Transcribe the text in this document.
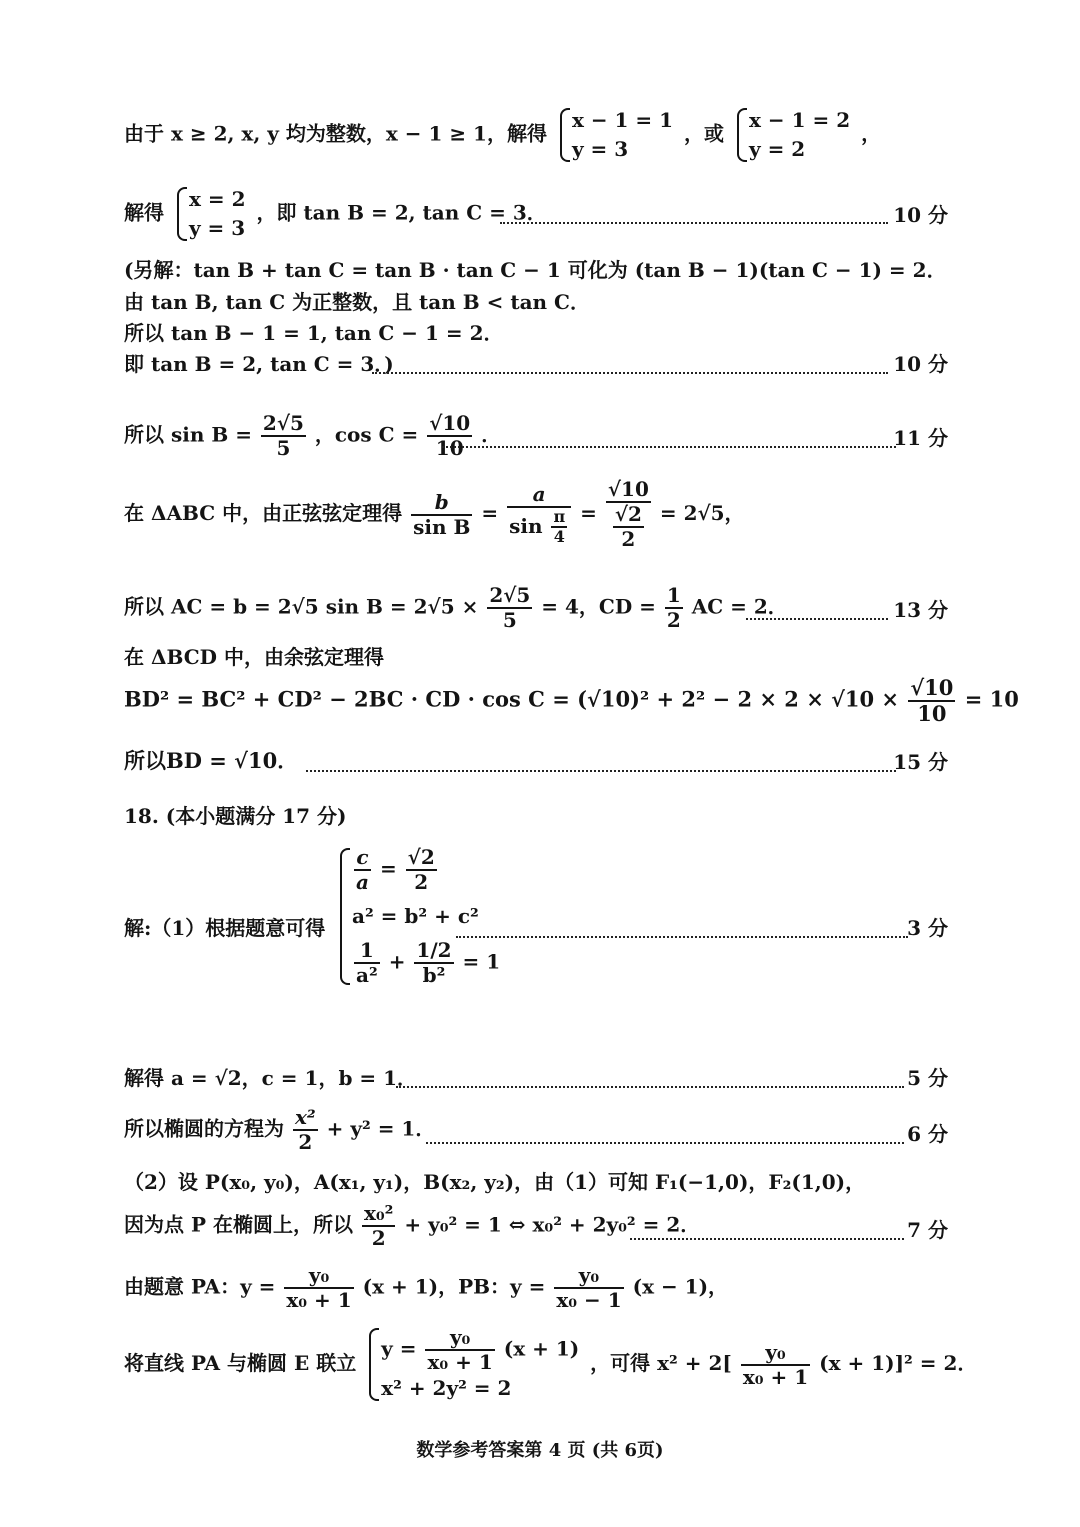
由于 x ≥ 2, x, y 均为整数，x − 1 ≥ 1，解得
x − 1 = 1
y = 3
，或
x − 1 = 2
y = 2
，
解得
x = 2
y = 3
，即 tan B = 2, tan C = 3．	10 分
(另解：tan B + tan C = tan B · tan C − 1 可化为 (tan B − 1)(tan C − 1) = 2．
由 tan B, tan C 为正整数，且 tan B < tan C．
所以 tan B − 1 = 1, tan C − 1 = 2．
即 tan B = 2, tan C = 3．)	10 分
所以 $\sin B = \frac{2√5}{5}$ ，$\cos C = \frac{√10}{10}$ ．	11 分
在 ΔABC 中，由正弦弦定理得 $\frac{b}{\text{sin B}} = \frac{a}{\sin \frac{\pi}{4}} = \frac{√10}{\frac{√2}{2}} = 2√5$，
所以 AC = b = 2√5 $\sin B = 2√5 \times \frac{2√5}{5} = 4$，CD = $\frac{1}{2}$ AC = 2．	13 分
在 ΔBCD 中，由余弦定理得
BD² = BC² + CD² − 2BC · CD · $\cos C = (√10)^2 + 2^2 - 2 \times 2 \times √10 \times \frac{√10}{10} = 10$
所以BD = √10．	15 分
18. (本小题满分 17 分)
解:（1）根据题意可得
$\frac{c}{a} = \frac{√2}{2}$
a² = b² + c²
$\frac{1}{\text{a²}} + \frac{1/2}{\text{b²}} = 1$
3 分
解得 a = √2，c = 1，b = 1．	5 分
所以椭圆的方程为 $\frac{\text{x²}}{2} + y^2 = 1$．	6 分
（2）设 P(x₀, y₀)，A(x₁, y₁)，B(x₂, y₂)，由（1）可知 F₁(−1,0)，F₂(1,0)，
因为点 P 在椭圆上，所以 $\frac{\text{x₀²}}{2} + y_0^2 = 1$ ⇔ x₀² + 2y₀² = 2．	7 分
由题意 PA：$y = \frac{\text{y₀}}{\text{x₀ + 1}} (x + 1)$，PB：$y = \frac{\text{y₀}}{\text{x₀ − 1}} (x - 1)$，
将直线 PA 与椭圆 E 联立
$y = \frac{\text{y₀}}{\text{x₀ + 1}} (x + 1)$
x² + 2y² = 2
，可得 $x^2 + 2[ \frac{\text{y₀}}{\text{x₀ + 1}} (x + 1)]^2 = 2$．
数学参考答案第 4 页 (共 6页)
